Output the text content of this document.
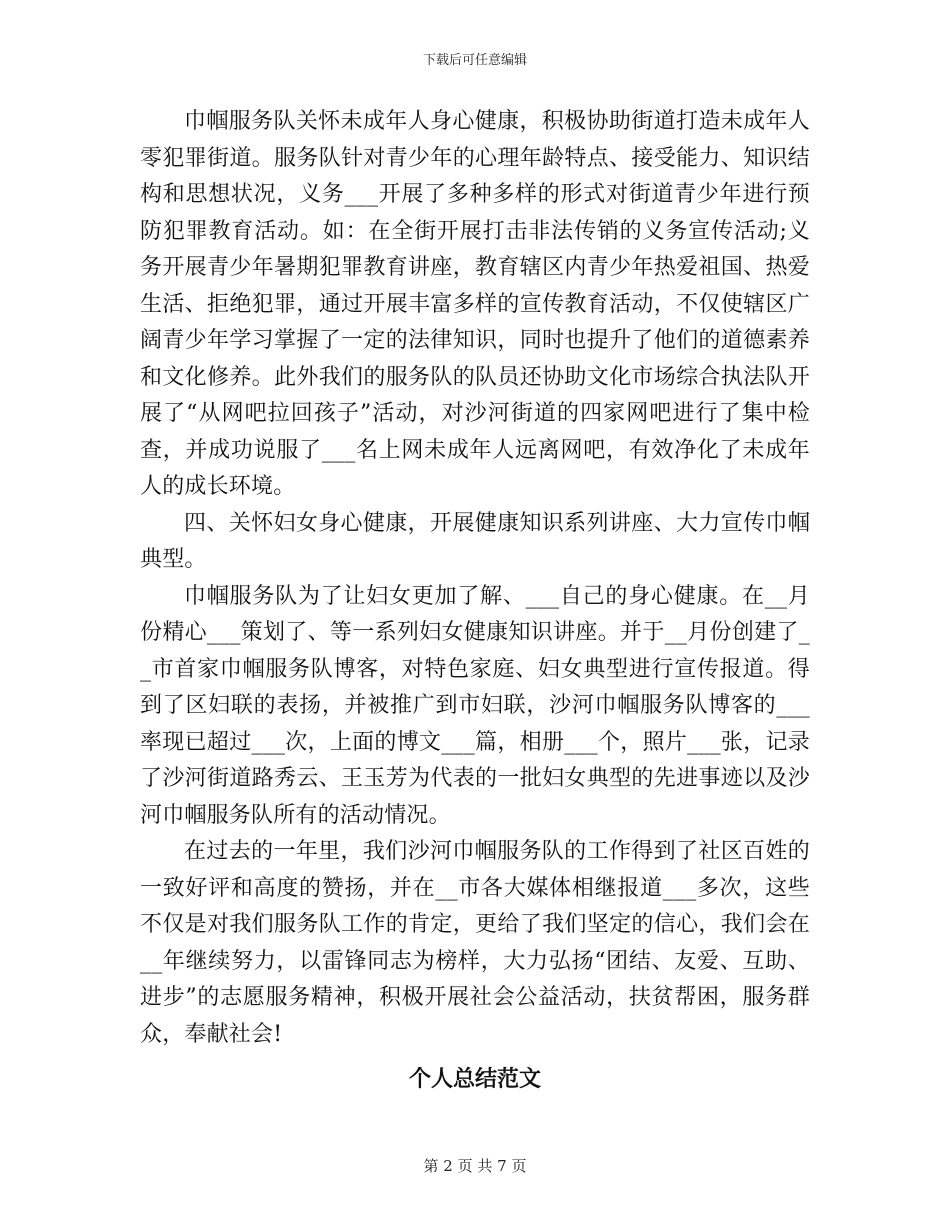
下载后可任意编辑

巾帼服务队关怀未成年人身心健康，积极协助街道打造未成年人零犯罪街道。服务队针对青少年的心理年龄特点、接受能力、知识结构和思想状况，义务___开展了多种多样的形式对街道青少年进行预防犯罪教育活动。如：在全街开展打击非法传销的义务宣传活动;义务开展青少年暑期犯罪教育讲座，教育辖区内青少年热爱祖国、热爱生活、拒绝犯罪，通过开展丰富多样的宣传教育活动，不仅使辖区广阔青少年学习掌握了一定的法律知识，同时也提升了他们的道德素养和文化修养。此外我们的服务队的队员还协助文化市场综合执法队开展了“从网吧拉回孩子”活动，对沙河街道的四家网吧进行了集中检查，并成功说服了___名上网未成年人远离网吧，有效净化了未成年人的成长环境。

四、关怀妇女身心健康，开展健康知识系列讲座、大力宣传巾帼典型。

巾帼服务队为了让妇女更加了解、___自己的身心健康。在__月份精心___策划了、等一系列妇女健康知识讲座。并于__月份创建了__市首家巾帼服务队博客，对特色家庭、妇女典型进行宣传报道。得到了区妇联的表扬，并被推广到市妇联，沙河巾帼服务队博客的___率现已超过___次，上面的博文___篇，相册___个，照片___张，记录了沙河街道路秀云、王玉芳为代表的一批妇女典型的先进事迹以及沙河巾帼服务队所有的活动情况。

在过去的一年里，我们沙河巾帼服务队的工作得到了社区百姓的一致好评和高度的赞扬，并在__市各大媒体相继报道___多次，这些不仅是对我们服务队工作的肯定，更给了我们坚定的信心，我们会在__年继续努力，以雷锋同志为榜样，大力弘扬“团结、友爱、互助、进步”的志愿服务精神，积极开展社会公益活动，扶贫帮困，服务群众，奉献社会!

个人总结范文
第 2 页 共 7 页
